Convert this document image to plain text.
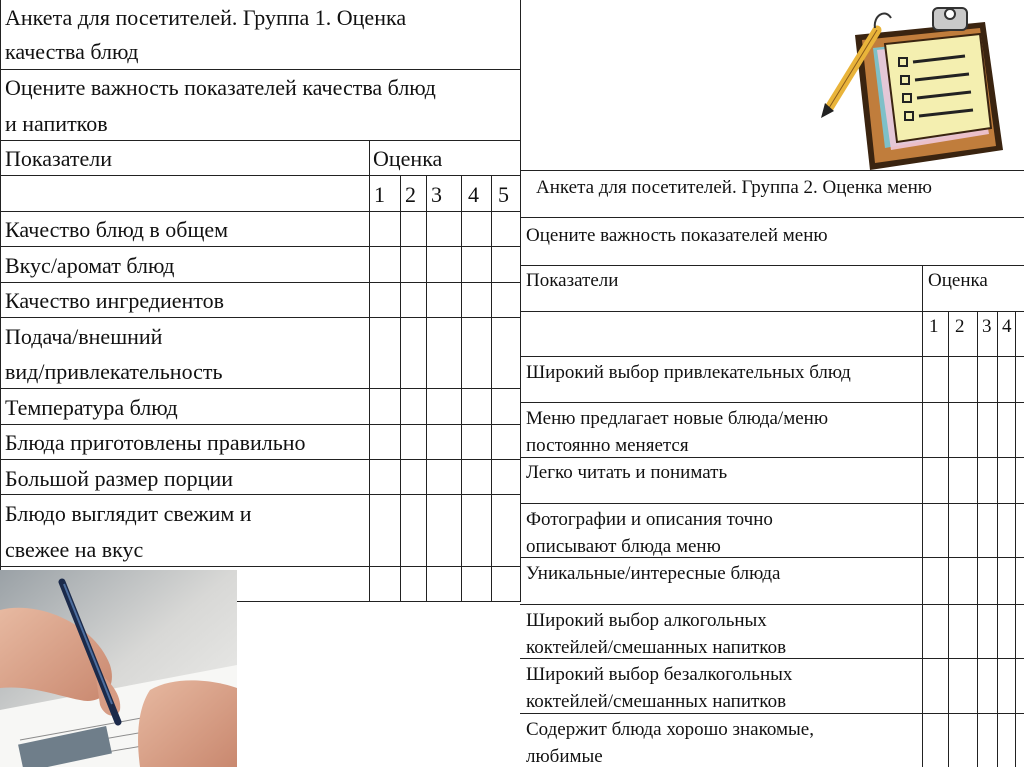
Анкета для посетителей. Группа 1. Оценка
качества блюд
Оцените важность показателей качества блюд
и напитков
Показатели	Оценка
1 2 3 4 5
Качество блюд в общем
Вкус/аромат блюд
Качество ингредиентов
Подача/внешний
вид/привлекательность
Температура блюд
Блюда приготовлены правильно
Большой размер порции
Блюдо выглядит свежим и
свежее на вкус
Анкета для посетителей. Группа 2. Оценка меню
Оцените важность показателей меню
Показатели	Оценка
1 2 3 4
Широкий выбор привлекательных блюд
Меню предлагает новые блюда/меню
постоянно меняется
Легко читать и понимать
Фотографии и описания точно
описывают блюда меню
Уникальные/интересные блюда
Широкий выбор алкогольных
коктейлей/смешанных напитков
Широкий выбор безалкогольных
коктейлей/смешанных напитков
Содержит блюда хорошо знакомые,
любимые
